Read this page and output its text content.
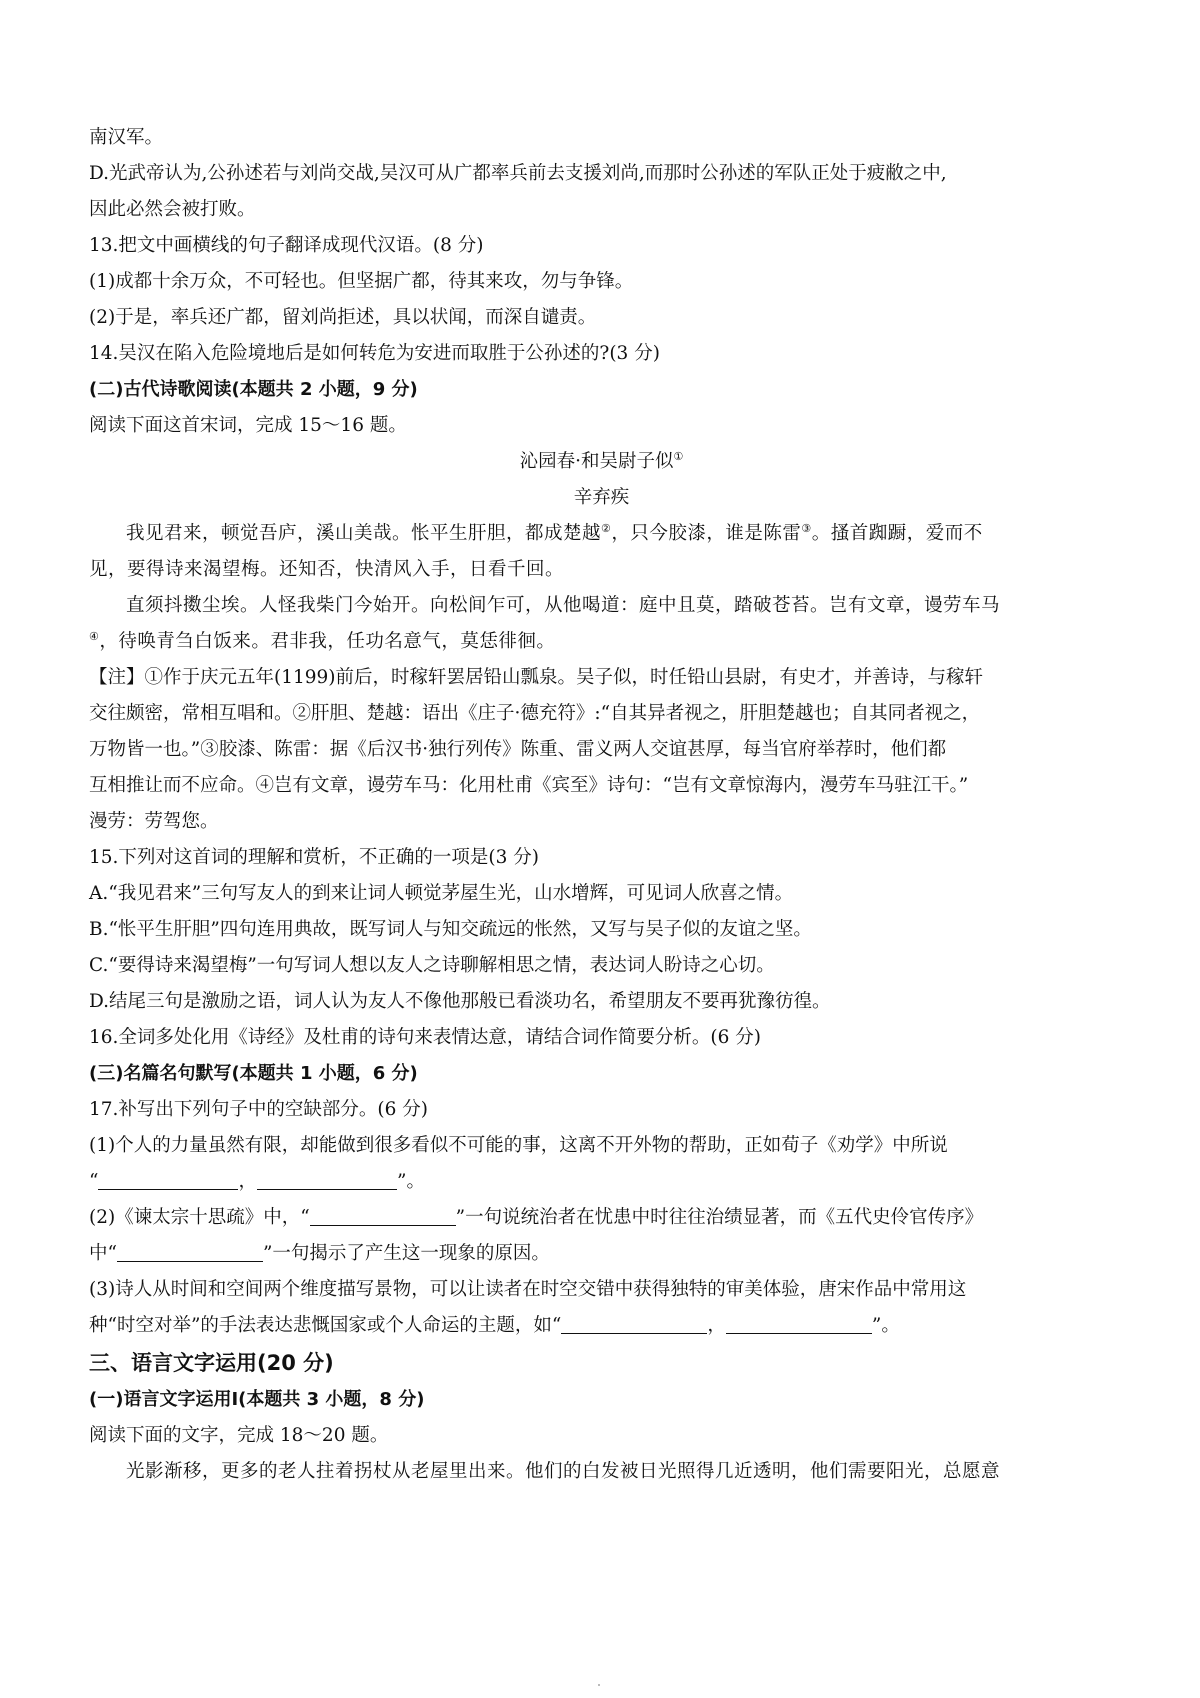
南汉军。
D.光武帝认为,公孙述若与刘尚交战,吴汉可从广都率兵前去支援刘尚,而那时公孙述的军队正处于疲敝之中,
因此必然会被打败。
13.把文中画横线的句子翻译成现代汉语。(8 分)
(1)成都十余万众，不可轻也。但坚据广都，待其来攻，勿与争锋。
(2)于是，率兵还广都，留刘尚拒述，具以状闻，而深自谴责。
14.吴汉在陷入危险境地后是如何转危为安进而取胜于公孙述的?(3 分)
(二)古代诗歌阅读(本题共 2 小题，9 分)
阅读下面这首宋词，完成 15～16 题。
沁园春·和吴尉子似①
辛弃疾
我见君来，顿觉吾庐，溪山美哉。怅平生肝胆，都成楚越②，只今胶漆，谁是陈雷③。搔首踟蹰，爱而不
见，要得诗来渴望梅。还知否，快清风入手，日看千回。
直须抖擞尘埃。人怪我柴门今始开。向松间乍可，从他喝道：庭中且莫，踏破苍苔。岂有文章，谩劳车马
④，待唤青刍白饭来。君非我，任功名意气，莫恁徘徊。
【注】①作于庆元五年(1199)前后，时稼轩罢居铅山瓢泉。吴子似，时任铅山县尉，有史才，并善诗，与稼轩
交往颇密，常相互唱和。②肝胆、楚越：语出《庄子·德充符》:“自其异者视之，肝胆楚越也；自其同者视之，
万物皆一也。”③胶漆、陈雷：据《后汉书·独行列传》陈重、雷义两人交谊甚厚，每当官府举荐时，他们都
互相推让而不应命。④岂有文章，谩劳车马：化用杜甫《宾至》诗句：“岂有文章惊海内，漫劳车马驻江干。”
漫劳：劳驾您。
15.下列对这首词的理解和赏析，不正确的一项是(3 分)
A.“我见君来”三句写友人的到来让词人顿觉茅屋生光，山水增辉，可见词人欣喜之情。
B.“怅平生肝胆”四句连用典故，既写词人与知交疏远的怅然，又写与吴子似的友谊之坚。
C.“要得诗来渴望梅”一句写词人想以友人之诗聊解相思之情，表达词人盼诗之心切。
D.结尾三句是激励之语，词人认为友人不像他那般已看淡功名，希望朋友不要再犹豫彷徨。
16.全词多处化用《诗经》及杜甫的诗句来表情达意，请结合词作简要分析。(6 分)
(三)名篇名句默写(本题共 1 小题，6 分)
17.补写出下列句子中的空缺部分。(6 分)
(1)个人的力量虽然有限，却能做到很多看似不可能的事，这离不开外物的帮助，正如荀子《劝学》中所说
“	，	”。
(2)《谏太宗十思疏》中，“	”一句说统治者在忧患中时往往治绩显著，而《五代史伶官传序》
中“	”一句揭示了产生这一现象的原因。
(3)诗人从时间和空间两个维度描写景物，可以让读者在时空交错中获得独特的审美体验，唐宋作品中常用这
种“时空对举”的手法表达悲慨国家或个人命运的主题，如“	，	”。
三、语言文字运用(20 分)
(一)语言文字运用Ⅰ(本题共 3 小题，8 分)
阅读下面的文字，完成 18～20 题。
光影渐移，更多的老人拄着拐杖从老屋里出来。他们的白发被日光照得几近透明，他们需要阳光，总愿意
